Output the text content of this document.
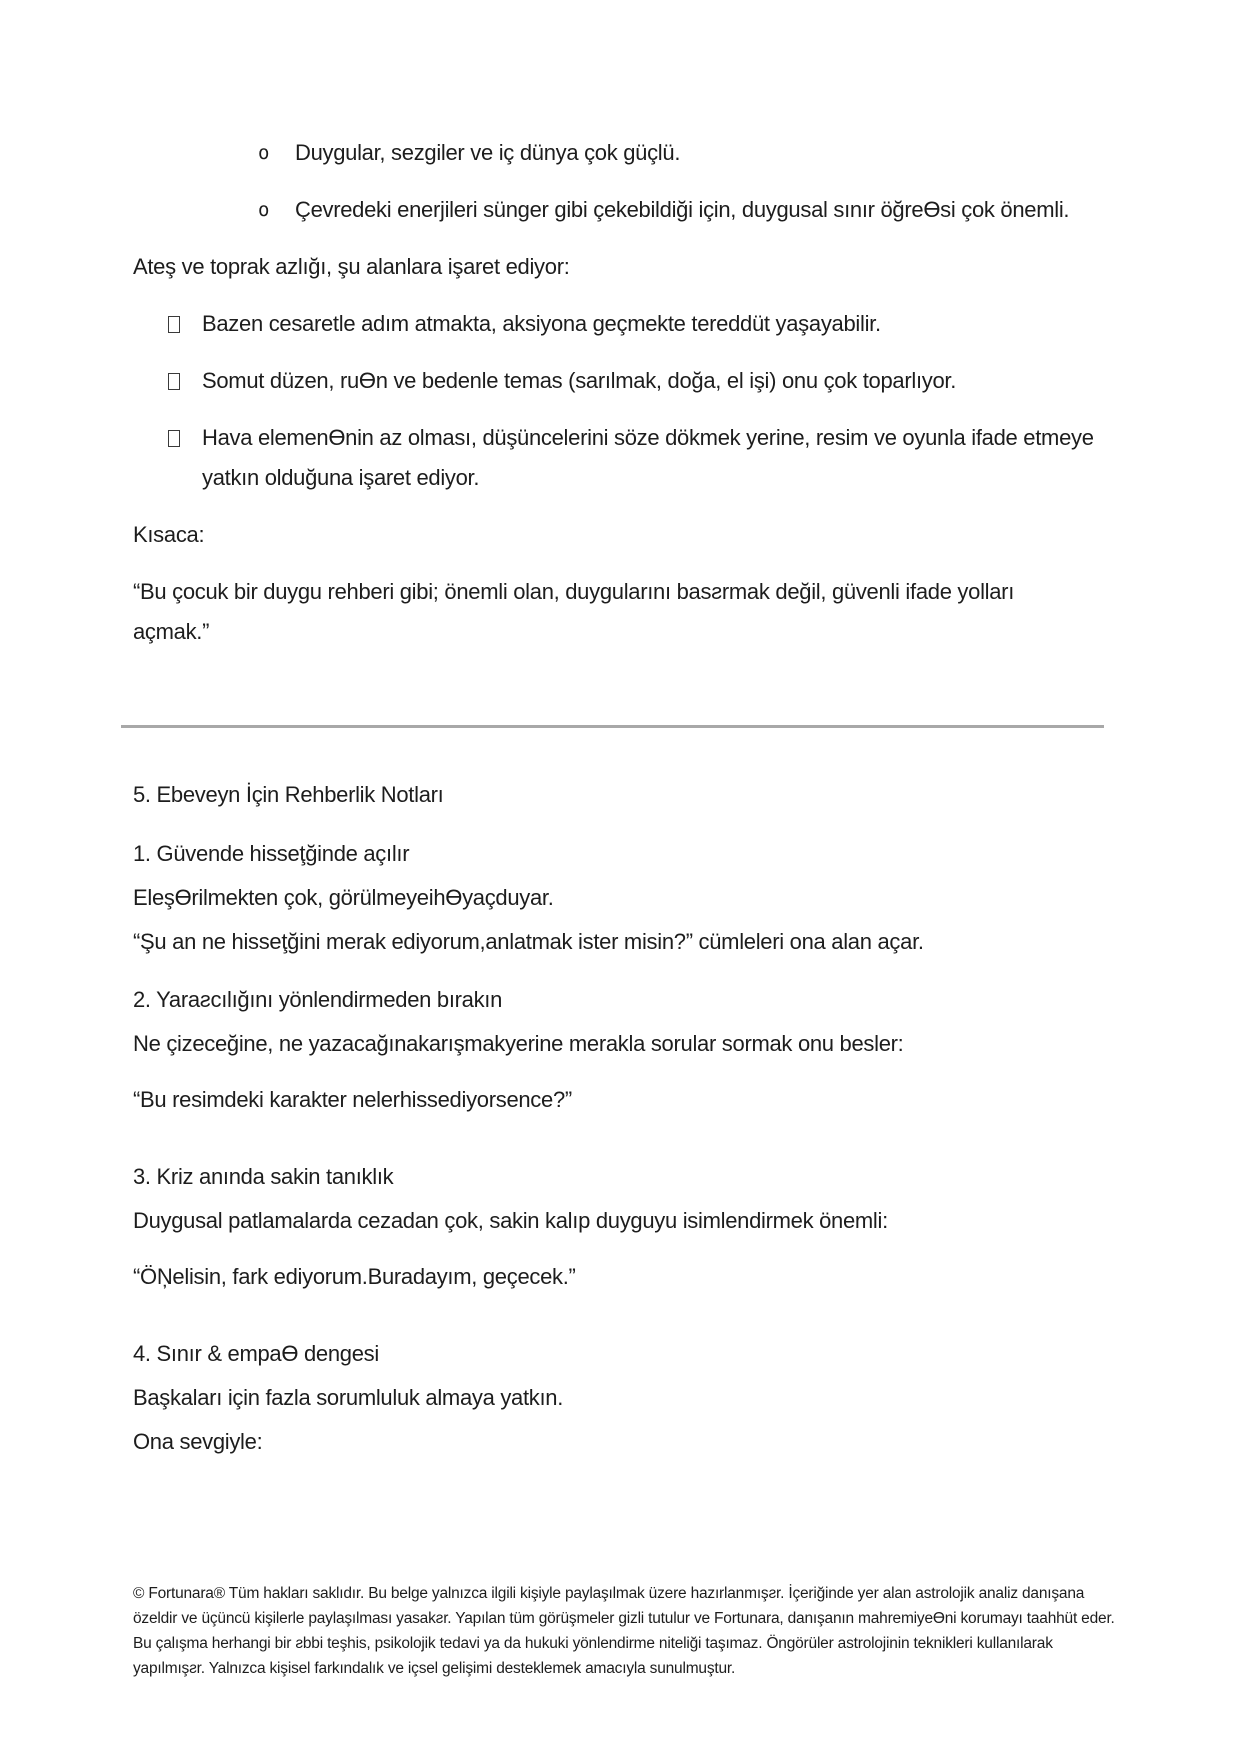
o	Duygular, sezgiler ve iç dünya çok güçlü.
o	Çevredeki enerjileri sünger gibi çekebildiği için, duygusal sınır öğreƟsi çok önemli.

Ateş ve toprak azlığı, şu alanlara işaret ediyor:

Bazen cesaretle adım atmakta, aksiyona geçmekte tereddüt yaşayabilir.
Somut düzen, ruƟn ve bedenle temas (sarılmak, doğa, el işi) onu çok toparlıyor.
Hava elemenƟnin az olması, düşüncelerini söze dökmek yerine, resim ve oyunla ifade etmeye yatkın olduğuna işaret ediyor.

Kısaca:

“Bu çocuk bir duygu rehberi gibi; önemli olan, duygularını basƨrmak değil, güvenli ifade yolları açmak.”

5. Ebeveyn İçin Rehberlik Notları

1. Güvende hisseţğinde açılır
EleşƟrilmekten çok, görülmeyeihƟyaçduyar.
“Şu an ne hisseţğini merak ediyorum,anlatmak ister misin?” cümleleri ona alan açar.
2. Yaraƨcılığını yönlendirmeden bırakın
Ne çizeceğine, ne yazacağınakarışmakyerine merakla sorular sormak onu besler:

“Bu resimdeki karakter nelerhissediyorsence?”

3. Kriz anında sakin tanıklık
Duygusal patlamalarda cezadan çok, sakin kalıp duyguyu isimlendirmek önemli:

“ÖŅelisin, fark ediyorum.Buradayım, geçecek.”

4. Sınır & empaƟ dengesi
Başkaları için fazla sorumluluk almaya yatkın.
Ona sevgiyle:

© Fortunara® Tüm hakları saklıdır. Bu belge yalnızca ilgili kişiyle paylaşılmak üzere hazırlanmışƨr. İçeriğinde yer alan astrolojik analiz danışana özeldir ve üçüncü kişilerle paylaşılması yasakƨr. Yapılan tüm görüşmeler gizli tutulur ve Fortunara, danışanın mahremiyeƟni korumayı taahhüt eder. Bu çalışma herhangi bir ƨbbi teşhis, psikolojik tedavi ya da hukuki yönlendirme niteliği taşımaz. Öngörüler astrolojinin teknikleri kullanılarak yapılmışƨr. Yalnızca kişisel farkındalık ve içsel gelişimi desteklemek amacıyla sunulmuştur.
